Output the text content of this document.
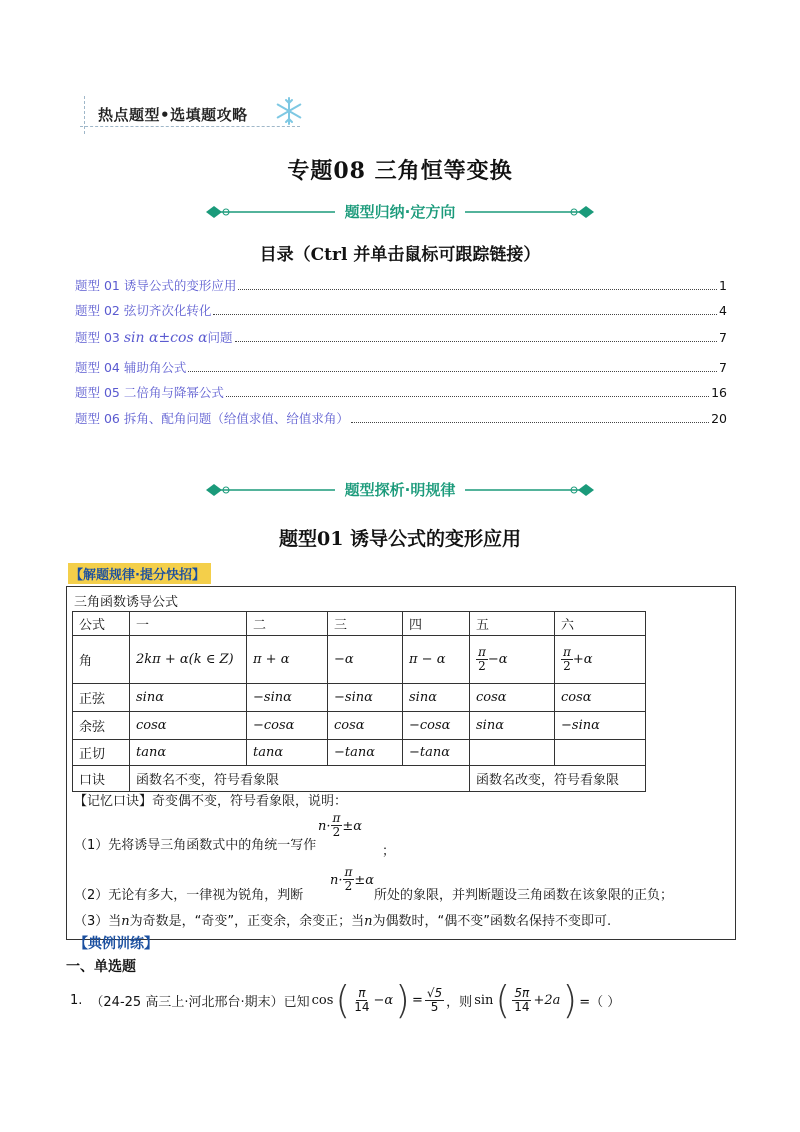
热点题型•选填题攻略
专题08 三角恒等变换
题型归纳·定方向
目录（Ctrl 并单击鼠标可跟踪链接）
题型 01 诱导公式的变形应用	1
题型 02 弦切齐次化转化	4
题型 03 sin α±cos α问题	7
题型 04 辅助角公式	7
题型 05 二倍角与降幂公式	16
题型 06 拆角、配角问题（给值求值、给值求角）	20
题型探析·明规律
题型01 诱导公式的变形应用
【解题规律·提分快招】
三角函数诱导公式
公式	一	二	三	四	五	六
角	2kπ + α(k ∈ Z)	π + α	−α	π − α	$\frac{\pi}{2} -\alpha$	$\frac{\pi}{2} +\alpha$
正弦	sinα	−sinα	−sinα	sinα	cosα	cosα
余弦	cosα	−cosα	cosα	−cosα	sinα	−sinα
正切	tanα	tanα	−tanα	−tanα		
口诀	函数名不变，符号看象限				函数名改变，符号看象限	
【记忆口诀】奇变偶不变，符号看象限，说明：
$n\cdot \frac{\pi}{2} \pm\alpha$
（1）先将诱导三角函数式中的角统一写作	；
$n\cdot \frac{\pi}{2} \pm\alpha$
（2）无论有多大，一律视为锐角，判断	所处的象限，并判断题设三角函数在该象限的正负；
（3）当n为奇数是，“奇变”，正变余，余变正；当n为偶数时，“偶不变”函数名保持不变即可.
【典例训练】
一、单选题
1. （24-25 高三上·河北邢台·期末）已知 cos ( $\frac{\pi}{14} -\alpha$ ) = $\frac{√5}{5}$ ，则 sin ( $\frac{5\pi}{14} +2a$ ) =（ ）
